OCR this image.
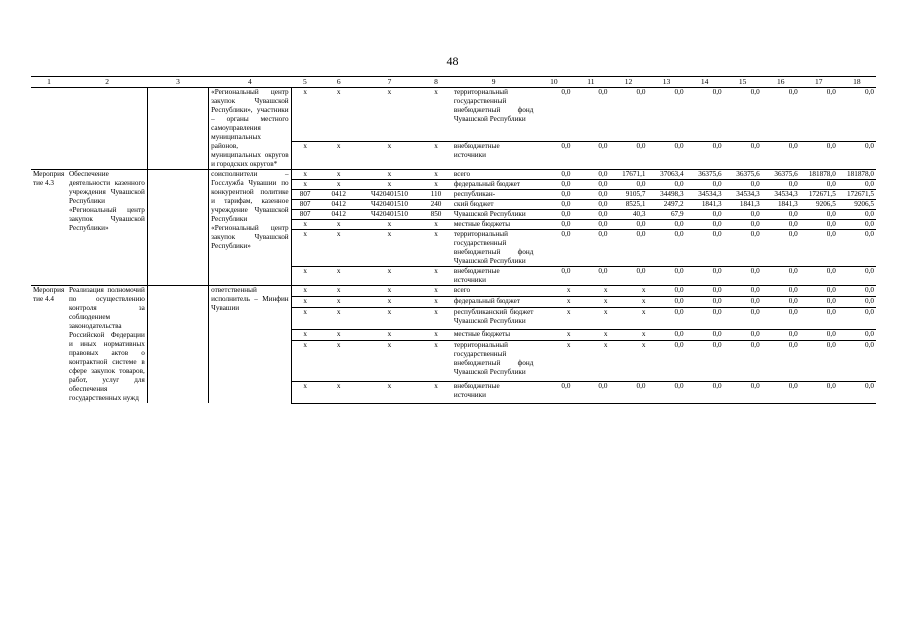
48
1	2	3	4	5	6	7	8	9	10	11	12	13	14	15	16	17	18
			«Региональный центр закупок Чувашской Республики», участники – органы местного самоуправления муниципальных районов, муниципальных округов и городских округов*	x	x	x	x	территориальный государственный внебюджетный фонд Чувашской Республики	0,0	0,0	0,0	0,0	0,0	0,0	0,0	0,0	0,0
				x	x	x	x	внебюджетные источники	0,0	0,0	0,0	0,0	0,0	0,0	0,0	0,0	0,0
Мероприятие 4.3	Обеспечение деятельности казенного учреждения Чувашской Республики «Региональный центр закупок Чувашской Республики»		соисполнители – Госслужба Чувашии по конкурентной политике и тарифам, казенное учреждение Чувашской Республики «Региональный центр закупок Чувашской Республики»	x	x	x	x	всего	0,0	0,0	17671,1	37063,4	36375,6	36375,6	36375,6	181878,0	181878,0
				x	x	x	x	федеральный бюджет	0,0	0,0	0,0	0,0	0,0	0,0	0,0	0,0	0,0
				807	0412	Ч420401510	110	республикан-	0,0	0,0	9105,7	34498,3	34534,3	34534,3	34534,3	172671,5	172671,5
				807	0412	Ч420401510	240	ский бюджет	0,0	0,0	8525,1	2497,2	1841,3	1841,3	1841,3	9206,5	9206,5
				807	0412	Ч420401510	850	Чувашской Республики	0,0	0,0	40,3	67,9	0,0	0,0	0,0	0,0	0,0
				x	x	x	x	местные бюджеты	0,0	0,0	0,0	0,0	0,0	0,0	0,0	0,0	0,0
				x	x	x	x	территориальный государственный внебюджетный фонд Чувашской Республики	0,0	0,0	0,0	0,0	0,0	0,0	0,0	0,0	0,0
				x	x	x	x	внебюджетные источники	0,0	0,0	0,0	0,0	0,0	0,0	0,0	0,0	0,0
Мероприятие 4.4	Реализация полномочий по осуществлению контроля за соблюдением законодательства Российской Федерации и иных нормативных правовых актов о контрактной системе в сфере закупок товаров, работ, услуг для обеспечения государственных нужд		ответственный исполнитель – Минфин Чувашии	x	x	x	x	всего	x	x	x	0,0	0,0	0,0	0,0	0,0	0,0
				x	x	x	x	федеральный бюджет	x	x	x	0,0	0,0	0,0	0,0	0,0	0,0
				x	x	x	x	республиканский бюджет Чувашской Республики	x	x	x	0,0	0,0	0,0	0,0	0,0	0,0
				x	x	x	x	местные бюджеты	x	x	x	0,0	0,0	0,0	0,0	0,0	0,0
				x	x	x	x	территориальный государственный внебюджетный фонд Чувашской Республики	x	x	x	0,0	0,0	0,0	0,0	0,0	0,0
				x	x	x	x	внебюджетные источники	0,0	0,0	0,0	0,0	0,0	0,0	0,0	0,0	0,0
